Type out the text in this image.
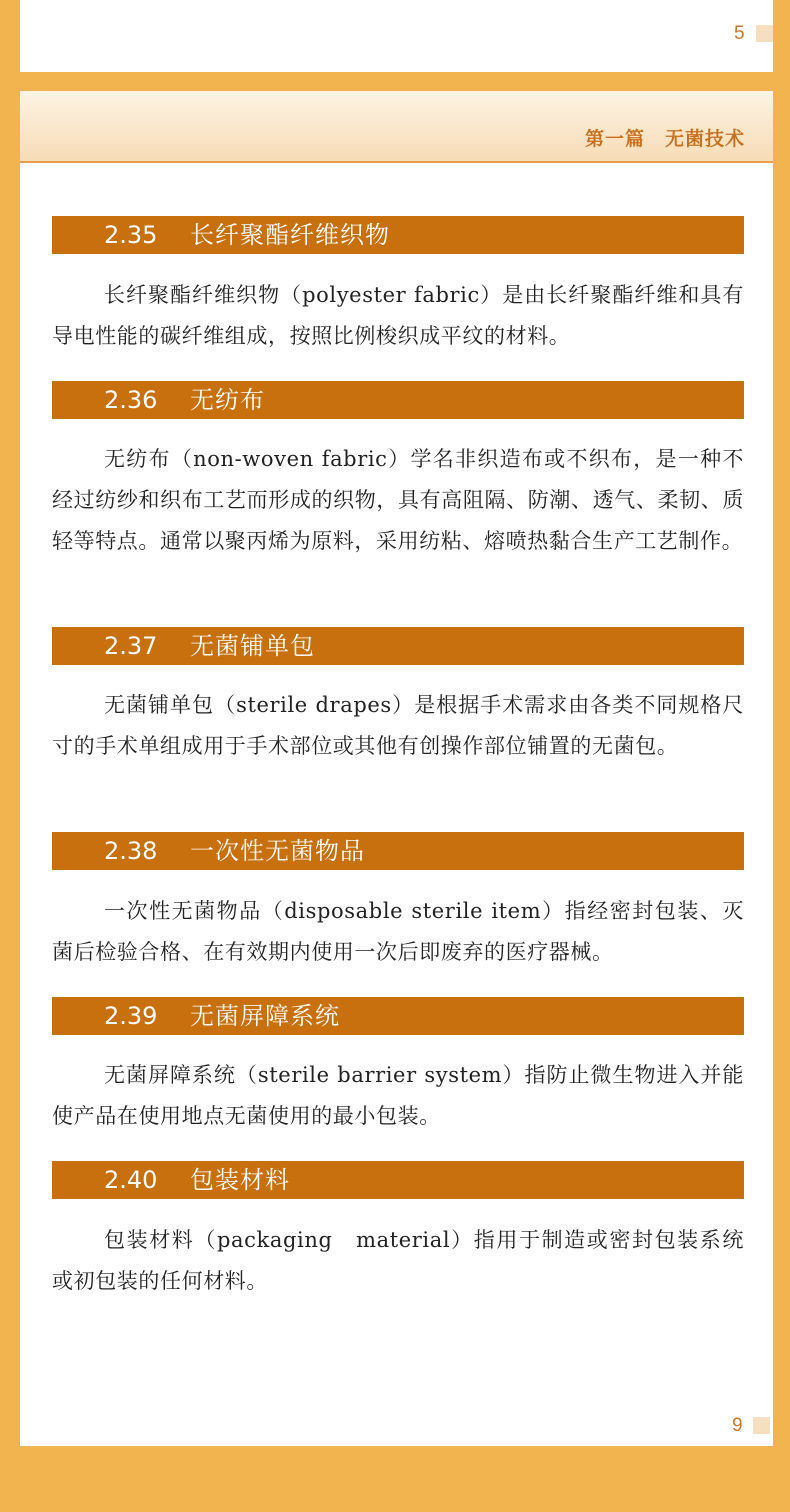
5
第一篇　无菌技术
2.35 长纤聚酯纤维织物

长纤聚酯纤维织物（polyester fabric）是由长纤聚酯纤维和具有导电性能的碳纤维组成，按照比例梭织成平纹的材料。

2.36 无纺布

无纺布（non-woven fabric）学名非织造布或不织布，是一种不经过纺纱和织布工艺而形成的织物，具有高阻隔、防潮、透气、柔韧、质轻等特点。通常以聚丙烯为原料，采用纺粘、熔喷热黏合生产工艺制作。

2.37 无菌铺单包

无菌铺单包（sterile drapes）是根据手术需求由各类不同规格尺寸的手术单组成用于手术部位或其他有创操作部位铺置的无菌包。

2.38 一次性无菌物品

一次性无菌物品（disposable sterile item）指经密封包装、灭菌后检验合格、在有效期内使用一次后即废弃的医疗器械。

2.39 无菌屏障系统

无菌屏障系统（sterile barrier system）指防止微生物进入并能使产品在使用地点无菌使用的最小包装。

2.40 包装材料

包装材料（packaging　material）指用于制造或密封包装系统或初包装的任何材料。

9
